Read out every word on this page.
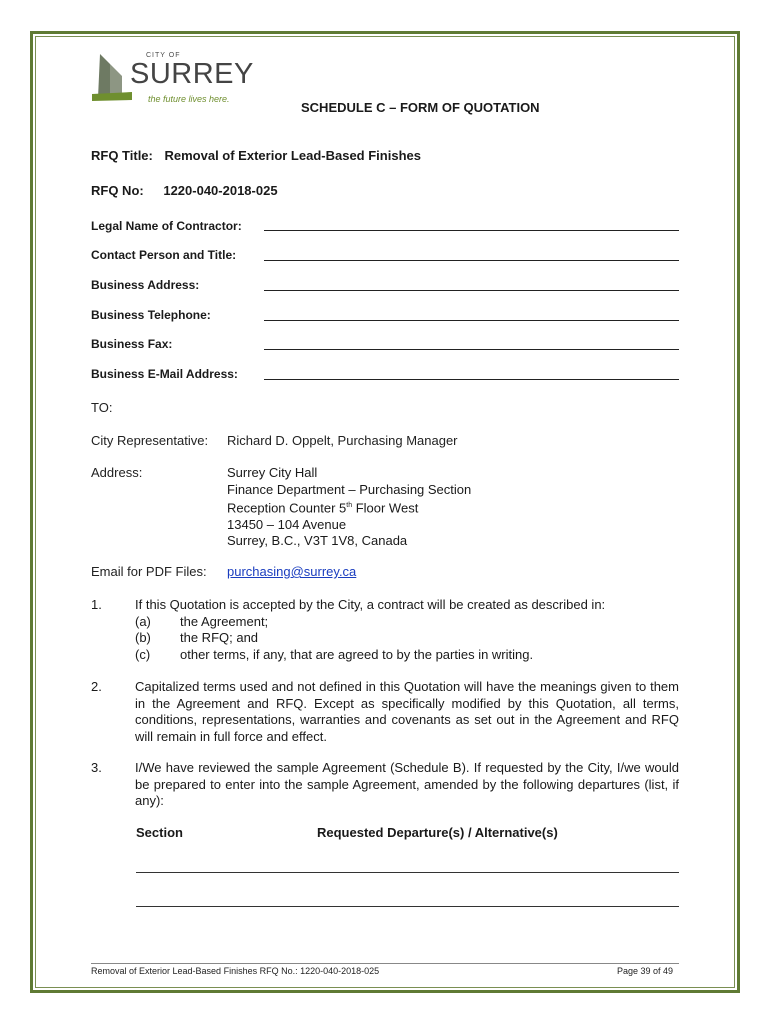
CITY OF
SURREY
the future lives here.
SCHEDULE C – FORM OF QUOTATION
RFQ Title: Removal of Exterior Lead-Based Finishes
RFQ No: 1220-040-2018-025
Legal Name of Contractor:
Contact Person and Title:
Business Address:
Business Telephone:
Business Fax:
Business E-Mail Address:
TO:
City Representative: Richard D. Oppelt, Purchasing Manager
Address:	Surrey City Hall
Finance Department – Purchasing Section
Reception Counter 5th Floor West
13450 – 104 Avenue
Surrey, B.C., V3T 1V8, Canada
Email for PDF Files: purchasing@surrey.ca
1.	If this Quotation is accepted by the City, a contract will be created as described in:
(a) the Agreement;
(b) the RFQ; and
(c) other terms, if any, that are agreed to by the parties in writing.
2.	Capitalized terms used and not defined in this Quotation will have the meanings given to them in the Agreement and RFQ. Except as specifically modified by this Quotation, all terms, conditions, representations, warranties and covenants as set out in the Agreement and RFQ will remain in full force and effect.
3.	I/We have reviewed the sample Agreement (Schedule B). If requested by the City, I/we would be prepared to enter into the sample Agreement, amended by the following departures (list, if any):
Section	Requested Departure(s) / Alternative(s)
Removal of Exterior Lead-Based Finishes RFQ No.: 1220-040-2018-025	Page 39 of 49
